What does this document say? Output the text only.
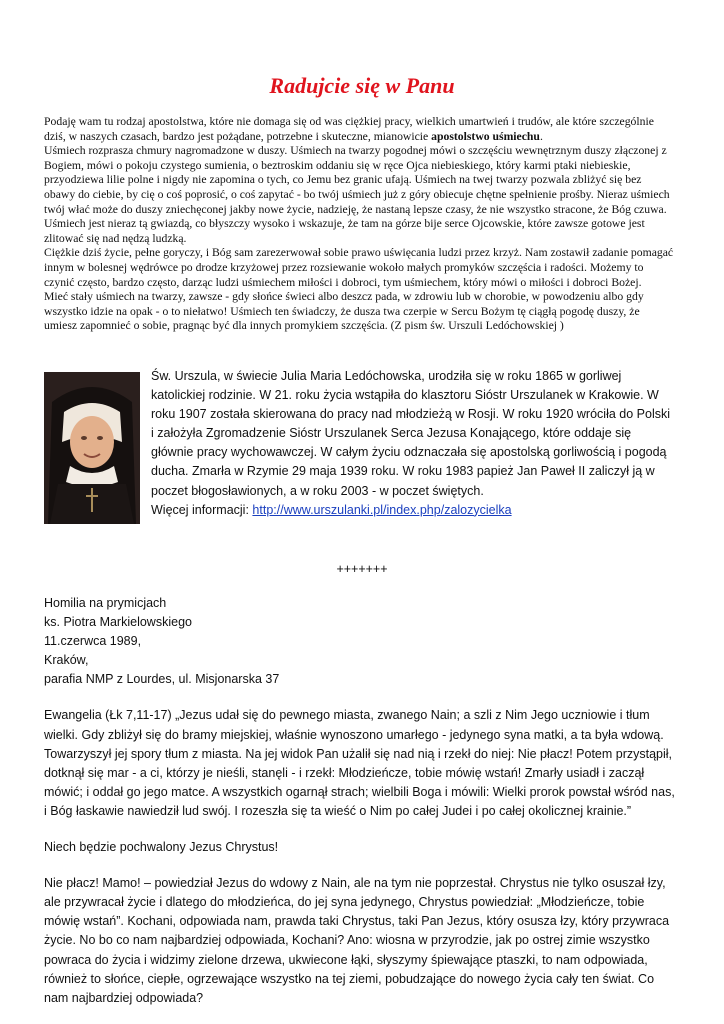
Radujcie się w Panu

Podaję wam tu rodzaj apostolstwa, które nie domaga się od was ciężkiej pracy, wielkich umartwień i trudów, ale które szczególnie dziś, w naszych czasach, bardzo jest pożądane, potrzebne i skuteczne, mianowicie apostolstwo uśmiechu.

Uśmiech rozprasza chmury nagromadzone w duszy. Uśmiech na twarzy pogodnej mówi o szczęściu wewnętrznym duszy złączonej z Bogiem, mówi o pokoju czystego sumienia, o beztroskim oddaniu się w ręce Ojca niebieskiego, który karmi ptaki niebieskie, przyodziewa lilie polne i nigdy nie zapomina o tych, co Jemu bez granic ufają. Uśmiech na twej twarzy pozwala zbliżyć się bez obawy do ciebie, by cię o coś poprosić, o coś zapytać - bo twój uśmiech już z góry obiecuje chętne spełnienie prośby. Nieraz uśmiech twój włać może do duszy zniechęconej jakby nowe życie, nadzieję, że nastaną lepsze czasy, że nie wszystko stracone, że Bóg czuwa. Uśmiech jest nieraz tą gwiazdą, co błyszczy wysoko i wskazuje, że tam na górze bije serce Ojcowskie, które zawsze gotowe jest zlitować się nad nędzą ludzką.

Ciężkie dziś życie, pełne goryczy, i Bóg sam zarezerwował sobie prawo uświęcania ludzi przez krzyż. Nam zostawił zadanie pomagać innym w bolesnej wędrówce po drodze krzyżowej przez rozsiewanie wokoło małych promyków szczęścia i radości. Możemy to czynić często, bardzo często, darząc ludzi uśmiechem miłości i dobroci, tym uśmiechem, który mówi o miłości i dobroci Bożej.

Mieć stały uśmiech na twarzy, zawsze - gdy słońce świeci albo deszcz pada, w zdrowiu lub w chorobie, w powodzeniu albo gdy wszystko idzie na opak - o to niełatwo! Uśmiech ten świadczy, że dusza twa czerpie w Sercu Bożym tę ciągłą pogodę duszy, że umiesz zapomnieć o sobie, pragnąc być dla innych promykiem szczęścia. (Z pism św. Urszuli Ledóchowskiej )

Św. Urszula, w świecie Julia Maria Ledóchowska, urodziła się w roku 1865 w gorliwej katolickiej rodzinie. W 21. roku życia wstąpiła do klasztoru Sióstr Urszulanek w Krakowie. W roku 1907 została skierowana do pracy nad młodzieżą w Rosji. W roku 1920 wróciła do Polski i założyła Zgromadzenie Sióstr Urszulanek Serca Jezusa Konającego, które oddaje się głównie pracy wychowawczej. W całym życiu odznaczała się apostolską gorliwością i pogodą ducha. Zmarła w Rzymie 29 maja 1939 roku. W roku 1983 papież Jan Paweł II zaliczył ją w poczet błogosławionych, a w roku 2003 - w poczet świętych.

Więcej informacji: http://www.urszulanki.pl/index.php/zalozycielka

+++++++

Homilia na prymicjach

ks. Piotra Markielowskiego

11.czerwca 1989,

Kraków,

parafia NMP z Lourdes, ul. Misjonarska 37

Ewangelia (Łk 7,11-17) „Jezus udał się do pewnego miasta, zwanego Nain; a szli z Nim Jego uczniowie i tłum wielki. Gdy zbliżył się do bramy miejskiej, właśnie wynoszono umarłego - jedynego syna matki, a ta była wdową. Towarzyszył jej spory tłum z miasta. Na jej widok Pan użalił się nad nią i rzekł do niej: Nie płacz! Potem przystąpił, dotknął się mar - a ci, którzy je nieśli, stanęli - i rzekł: Młodzieńcze, tobie mówię wstań! Zmarły usiadł i zaczął mówić; i oddał go jego matce. A wszystkich ogarnął strach; wielbili Boga i mówili: Wielki prorok powstał wśród nas, i Bóg łaskawie nawiedził lud swój. I rozeszła się ta wieść o Nim po całej Judei i po całej okolicznej krainie.”

Niech będzie pochwalony Jezus Chrystus!

Nie płacz! Mamo! – powiedział Jezus do wdowy z Nain, ale na tym nie poprzestał. Chrystus nie tylko osuszał łzy, ale przywracał życie i dlatego do młodzieńca, do jej syna jedynego, Chrystus powiedział: „Młodzieńcze, tobie mówię wstań”. Kochani, odpowiada nam, prawda taki Chrystus, taki Pan Jezus, który osusza łzy, który przywraca życie. No bo co nam najbardziej odpowiada, Kochani? Ano: wiosna w przyrodzie, jak po ostrej zimie wszystko powraca do życia i widzimy zielone drzewa, ukwiecone łąki, słyszymy śpiewające ptaszki, to nam odpowiada, również to słońce, ciepłe, ogrzewające wszystko na tej ziemi, pobudzające do nowego życia cały ten świat. Co nam najbardziej odpowiada?
